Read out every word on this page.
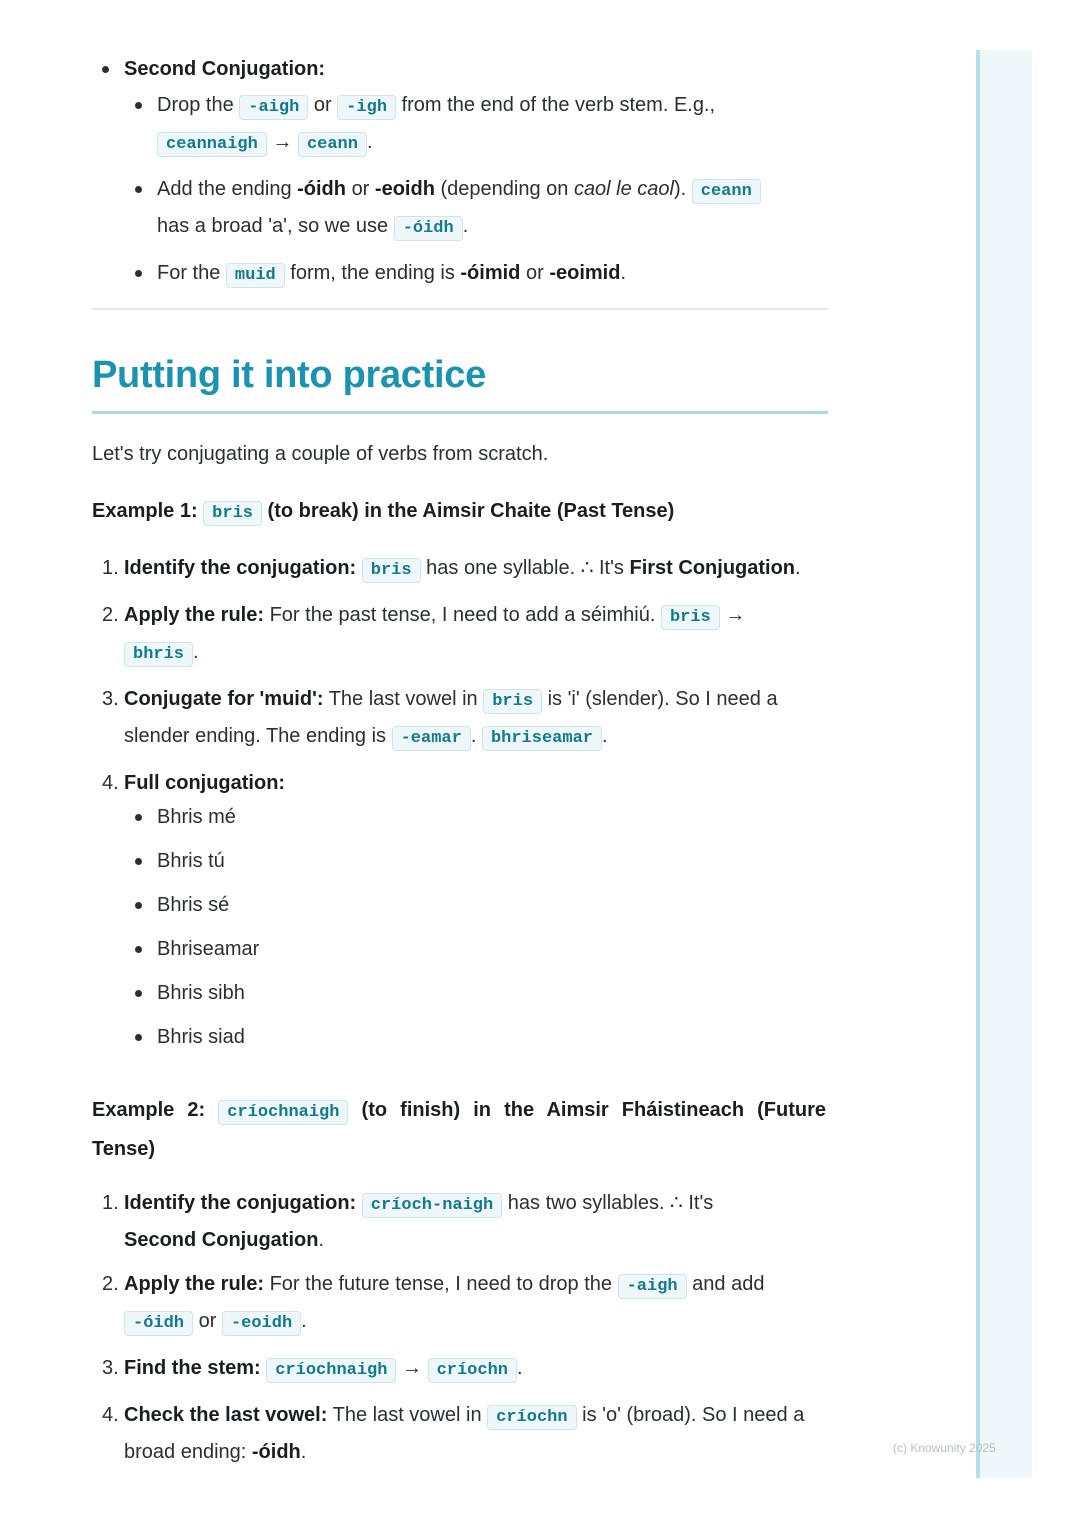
Second Conjugation:
Drop the -aigh or -igh from the end of the verb stem. E.g.,
ceannaigh → ceann .
Add the ending -óidh or -eoidh (depending on caol le caol). ceann
has a broad 'a', so we use -óidh .
For the muid form, the ending is -óimid or -eoimid.
Putting it into practice

Let's try conjugating a couple of verbs from scratch.

Example 1: bris (to break) in the Aimsir Chaite (Past Tense)

1. Identify the conjugation: bris has one syllable. ∴ It's First Conjugation.
2. Apply the rule: For the past tense, I need to add a séimhiú. bris →
bhris .
3. Conjugate for 'muid': The last vowel in bris is 'i' (slender). So I need a slender ending. The ending is -eamar . bhriseamar .
4. Full conjugation:
Bhris mé
Bhris tú
Bhris sé
Bhriseamar
Bhris sibh
Bhris siad

Example 2: críochnaigh (to finish) in the Aimsir Fháistineach (Future Tense)

1. Identify the conjugation: críoch-naigh has two syllables. ∴ It's
Second Conjugation.
2. Apply the rule: For the future tense, I need to drop the -aigh and add
-óidh or -eoidh .
3. Find the stem: críochnaigh → críochn .
4. Check the last vowel: The last vowel in críochn is 'o' (broad). So I need a broad ending: -óidh.	(c) Knowunity 2025
